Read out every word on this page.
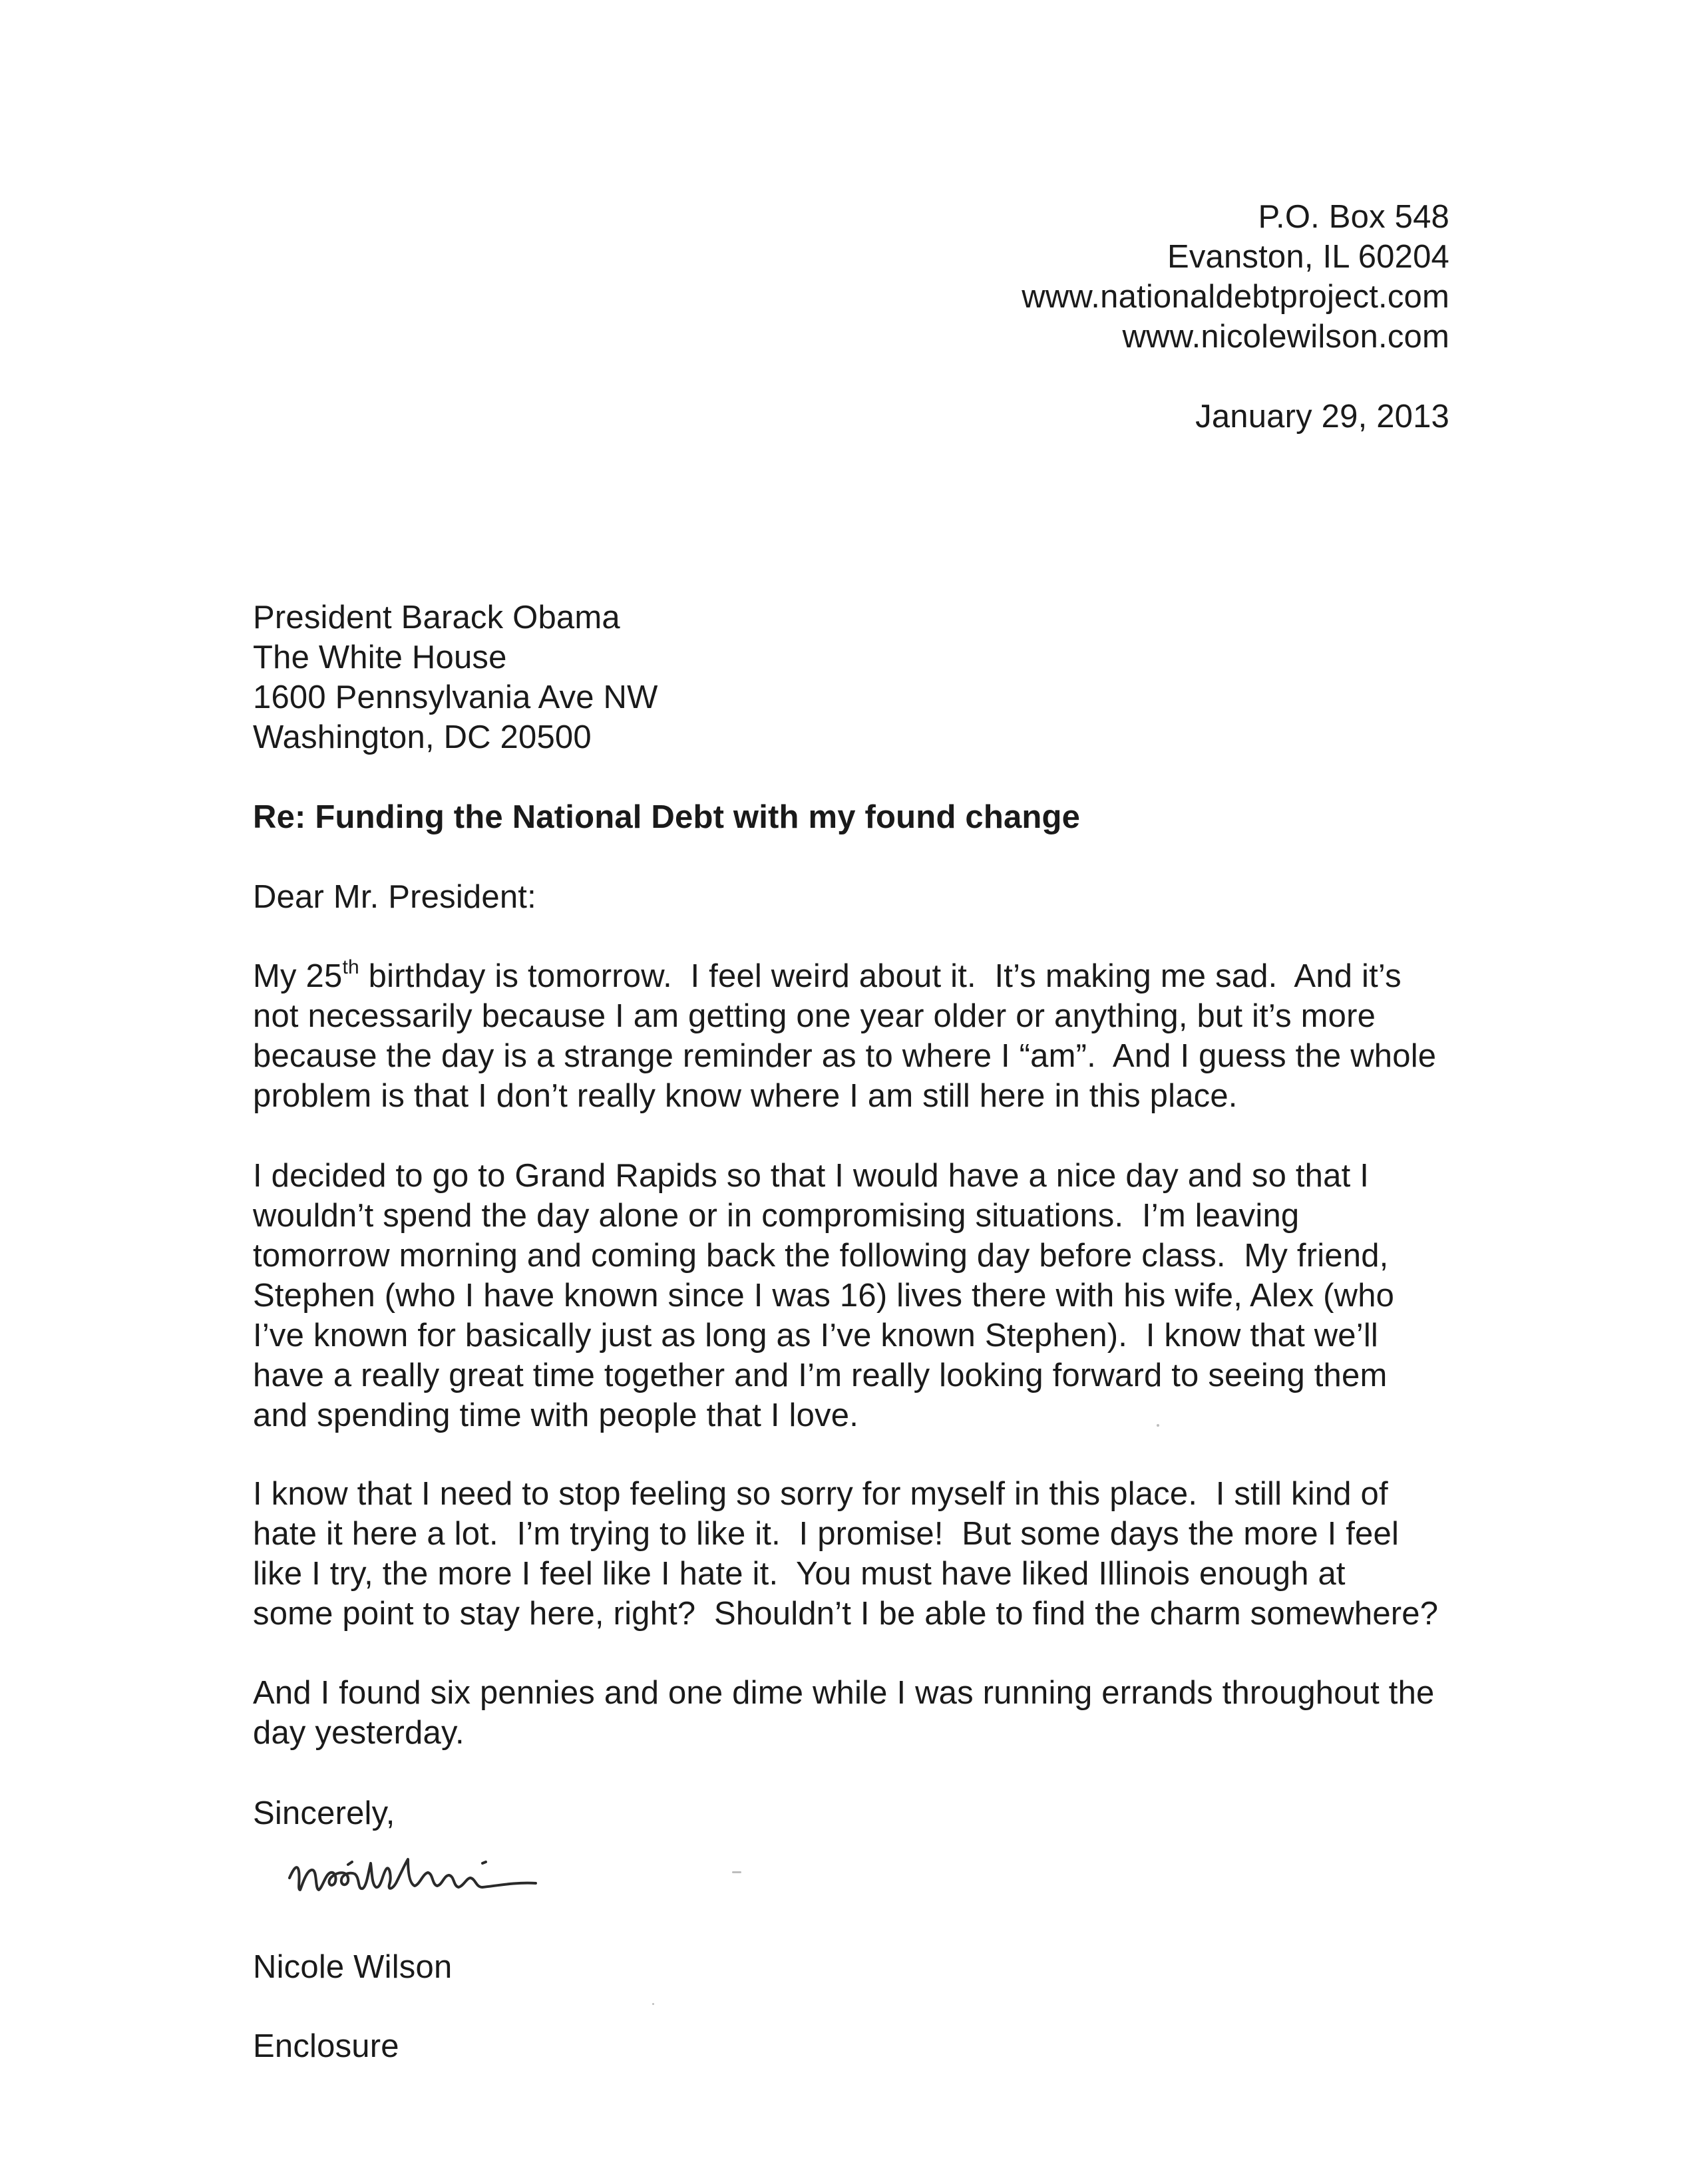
P.O. Box 548
Evanston, IL 60204
www.nationaldebtproject.com
www.nicolewilson.com
January 29, 2013
President Barack Obama
The White House
1600 Pennsylvania Ave NW
Washington, DC 20500
Re: Funding the National Debt with my found change
Dear Mr. President:
My 25th birthday is tomorrow.  I feel weird about it.  It’s making me sad.  And it’s
not necessarily because I am getting one year older or anything, but it’s more
because the day is a strange reminder as to where I “am”.  And I guess the whole
problem is that I don’t really know where I am still here in this place.
I decided to go to Grand Rapids so that I would have a nice day and so that I
wouldn’t spend the day alone or in compromising situations.  I’m leaving
tomorrow morning and coming back the following day before class.  My friend,
Stephen (who I have known since I was 16) lives there with his wife, Alex (who
I’ve known for basically just as long as I’ve known Stephen).  I know that we’ll
have a really great time together and I’m really looking forward to seeing them
and spending time with people that I love.
I know that I need to stop feeling so sorry for myself in this place.  I still kind of
hate it here a lot.  I’m trying to like it.  I promise!  But some days the more I feel
like I try, the more I feel like I hate it.  You must have liked Illinois enough at
some point to stay here, right?  Shouldn’t I be able to find the charm somewhere?
And I found six pennies and one dime while I was running errands throughout the
day yesterday.
Sincerely,
Nicole Wilson
Enclosure
